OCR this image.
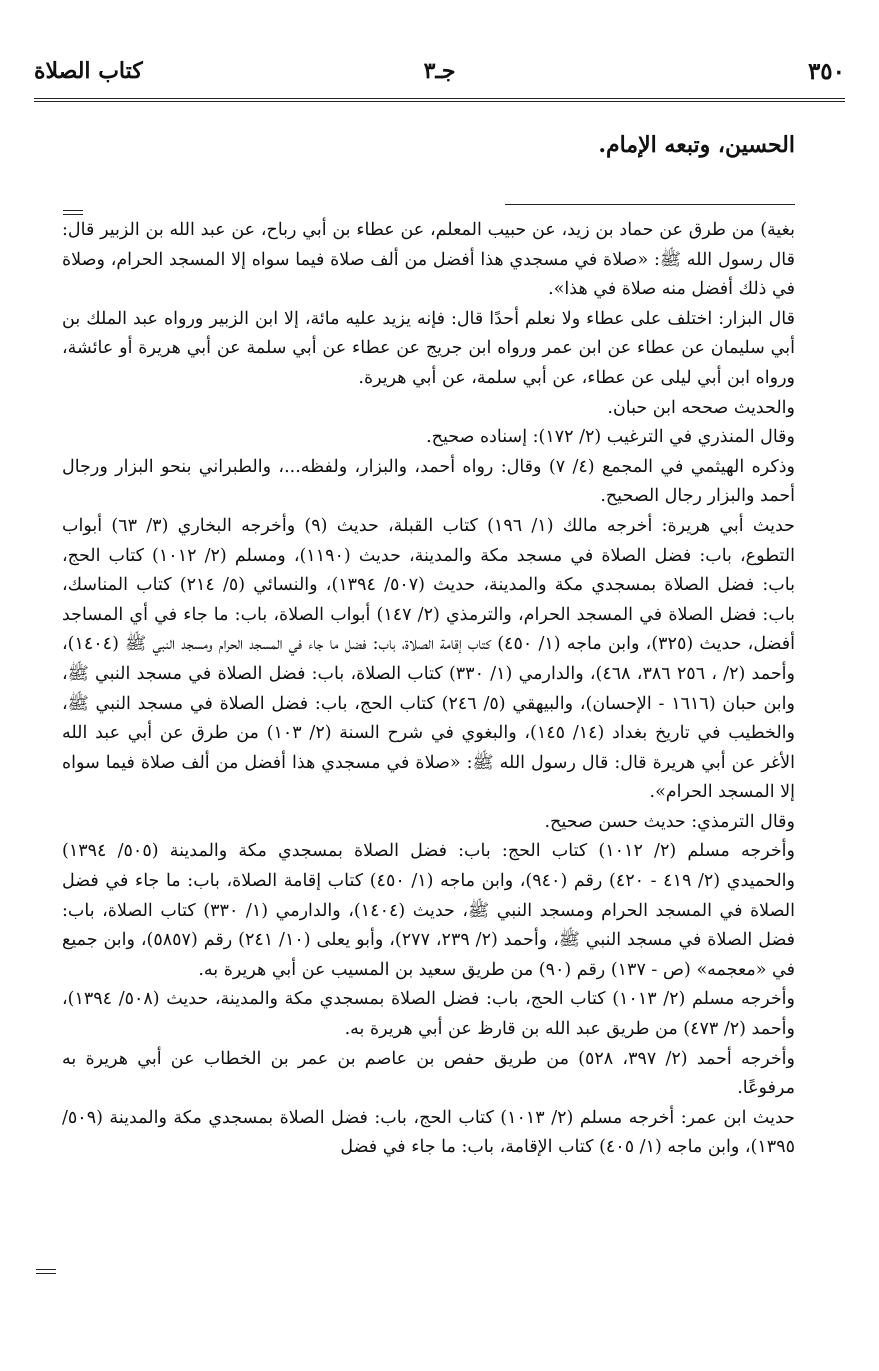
٣٥٠
جـ٣
كتاب الصلاة
الحسين، وتبعه الإمام.

بغية) من طرق عن حماد بن زيد، عن حبيب المعلم، عن عطاء بن أبي رباح، عن عبد الله بن الزبير قال: قال رسول الله ﷺ: «صلاة في مسجدي هذا أفضل من ألف صلاة فيما سواه إلا المسجد الحرام، وصلاة في ذلك أفضل منه صلاة في هذا».

قال البزار: اختلف على عطاء ولا نعلم أحدًا قال: فإنه يزيد عليه مائة، إلا ابن الزبير ورواه عبد الملك بن أبي سليمان عن عطاء عن ابن عمر ورواه ابن جريج عن عطاء عن أبي سلمة عن أبي هريرة أو عائشة، ورواه ابن أبي ليلى عن عطاء، عن أبي سلمة، عن أبي هريرة.

والحديث صححه ابن حبان.

وقال المنذري في الترغيب (٢/ ١٧٢): إسناده صحيح.

وذكره الهيثمي في المجمع (٤/ ٧) وقال: رواه أحمد، والبزار، ولفظه...، والطبراني بنحو البزار ورجال أحمد والبزار رجال الصحيح.

حديث أبي هريرة: أخرجه مالك (١/ ١٩٦) كتاب القبلة، حديث (٩) وأخرجه البخاري (٣/ ٦٣) أبواب التطوع، باب: فضل الصلاة في مسجد مكة والمدينة، حديث (١١٩٠)، ومسلم (٢/ ١٠١٢) كتاب الحج، باب: فضل الصلاة بمسجدي مكة والمدينة، حديث (٥٠٧/ ١٣٩٤)، والنسائي (٥/ ٢١٤) كتاب المناسك، باب: فضل الصلاة في المسجد الحرام، والترمذي (٢/ ١٤٧) أبواب الصلاة، باب: ما جاء في أي المساجد أفضل، حديث (٣٢٥)، وابن ماجه (١/ ٤٥٠) كتاب إقامة الصلاة، باب: فضل ما جاء في المسجد الحرام ومسجد النبي ﷺ (١٤٠٤)، وأحمد (٢/ ، ٢٥٦ ٣٨٦، ٤٦٨)، والدارمي (١/ ٣٣٠) كتاب الصلاة، باب: فضل الصلاة في مسجد النبي ﷺ، وابن حبان (١٦١٦ - الإحسان)، والبيهقي (٥/ ٢٤٦) كتاب الحج، باب: فضل الصلاة في مسجد النبي ﷺ، والخطيب في تاريخ بغداد (١٤/ ١٤٥)، والبغوي في شرح السنة (٢/ ١٠٣) من طرق عن أبي عبد الله الأغر عن أبي هريرة قال: قال رسول الله ﷺ: «صلاة في مسجدي هذا أفضل من ألف صلاة فيما سواه إلا المسجد الحرام».

وقال الترمذي: حديث حسن صحيح.

وأخرجه مسلم (٢/ ١٠١٢) كتاب الحج: باب: فضل الصلاة بمسجدي مكة والمدينة (٥٠٥/ ١٣٩٤) والحميدي (٢/ ٤١٩ - ٤٢٠) رقم (٩٤٠)، وابن ماجه (١/ ٤٥٠) كتاب إقامة الصلاة، باب: ما جاء في فضل الصلاة في المسجد الحرام ومسجد النبي ﷺ، حديث (١٤٠٤)، والدارمي (١/ ٣٣٠) كتاب الصلاة، باب: فضل الصلاة في مسجد النبي ﷺ، وأحمد (٢/ ٢٣٩، ٢٧٧)، وأبو يعلى (١٠/ ٢٤١) رقم (٥٨٥٧)، وابن جميع في «معجمه» (ص - ١٣٧) رقم (٩٠) من طريق سعيد بن المسيب عن أبي هريرة به.

وأخرجه مسلم (٢/ ١٠١٣) كتاب الحج، باب: فضل الصلاة بمسجدي مكة والمدينة، حديث (٥٠٨/ ١٣٩٤)، وأحمد (٢/ ٤٧٣) من طريق عبد الله بن قارظ عن أبي هريرة به.

وأخرجه أحمد (٢/ ٣٩٧، ٥٢٨) من طريق حفص بن عاصم بن عمر بن الخطاب عن أبي هريرة به مرفوعًا.

حديث ابن عمر: أخرجه مسلم (٢/ ١٠١٣) كتاب الحج، باب: فضل الصلاة بمسجدي مكة والمدينة (٥٠٩/ ١٣٩٥)، وابن ماجه (١/ ٤٠٥) كتاب الإقامة، باب: ما جاء في فضل
